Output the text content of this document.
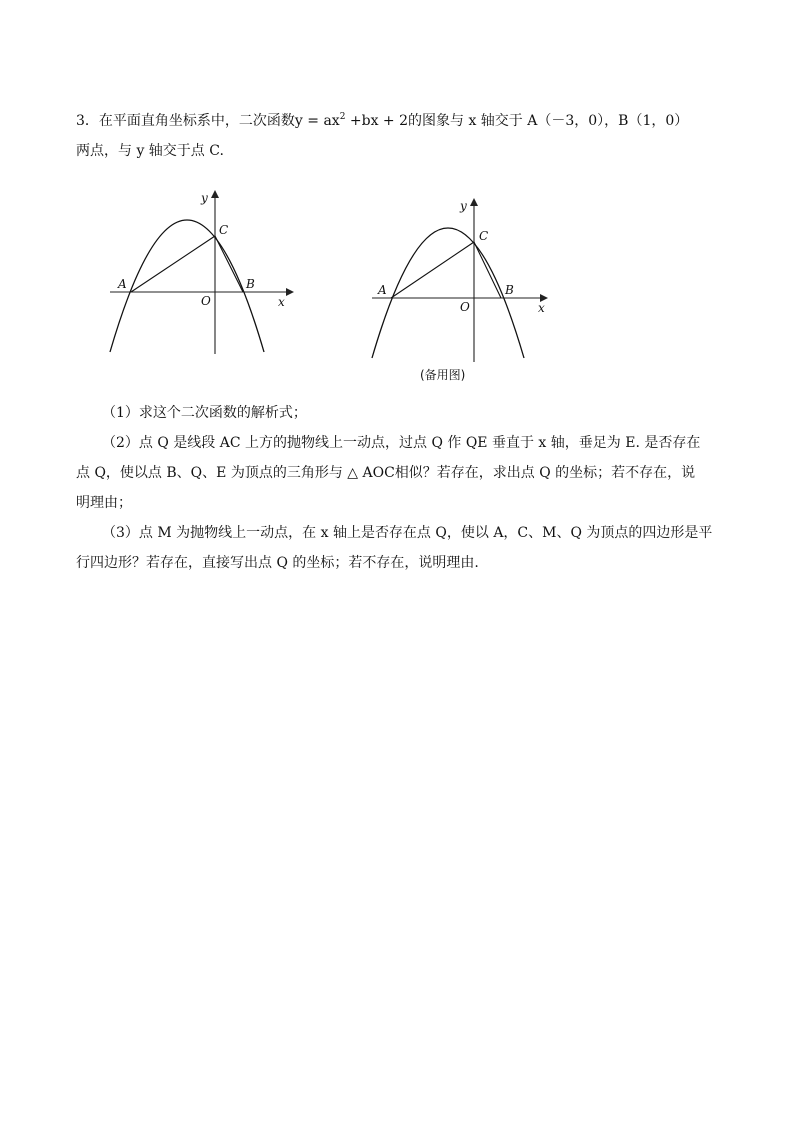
3．在平面直角坐标系中，二次函数$y = ax^2 +bx + 2$的图象与 x 轴交于 A（－3，0），B（1，0）
两点，与 y 轴交于点 C.
y
x
A	B
C
O
y
x
A	B
C
O
(备用图)
（1）求这个二次函数的解析式；
（2）点 Q 是线段 AC 上方的抛物线上一动点，过点 Q 作 QE 垂直于 x 轴，垂足为 E. 是否存在
点 Q，使以点 B、Q、E 为顶点的三角形与 △ AOC相似？若存在，求出点 Q 的坐标；若不存在，说
明理由；
（3）点 M 为抛物线上一动点，在 x 轴上是否存在点 Q，使以 A，C、M、Q 为顶点的四边形是平
行四边形？若存在，直接写出点 Q 的坐标；若不存在，说明理由.
